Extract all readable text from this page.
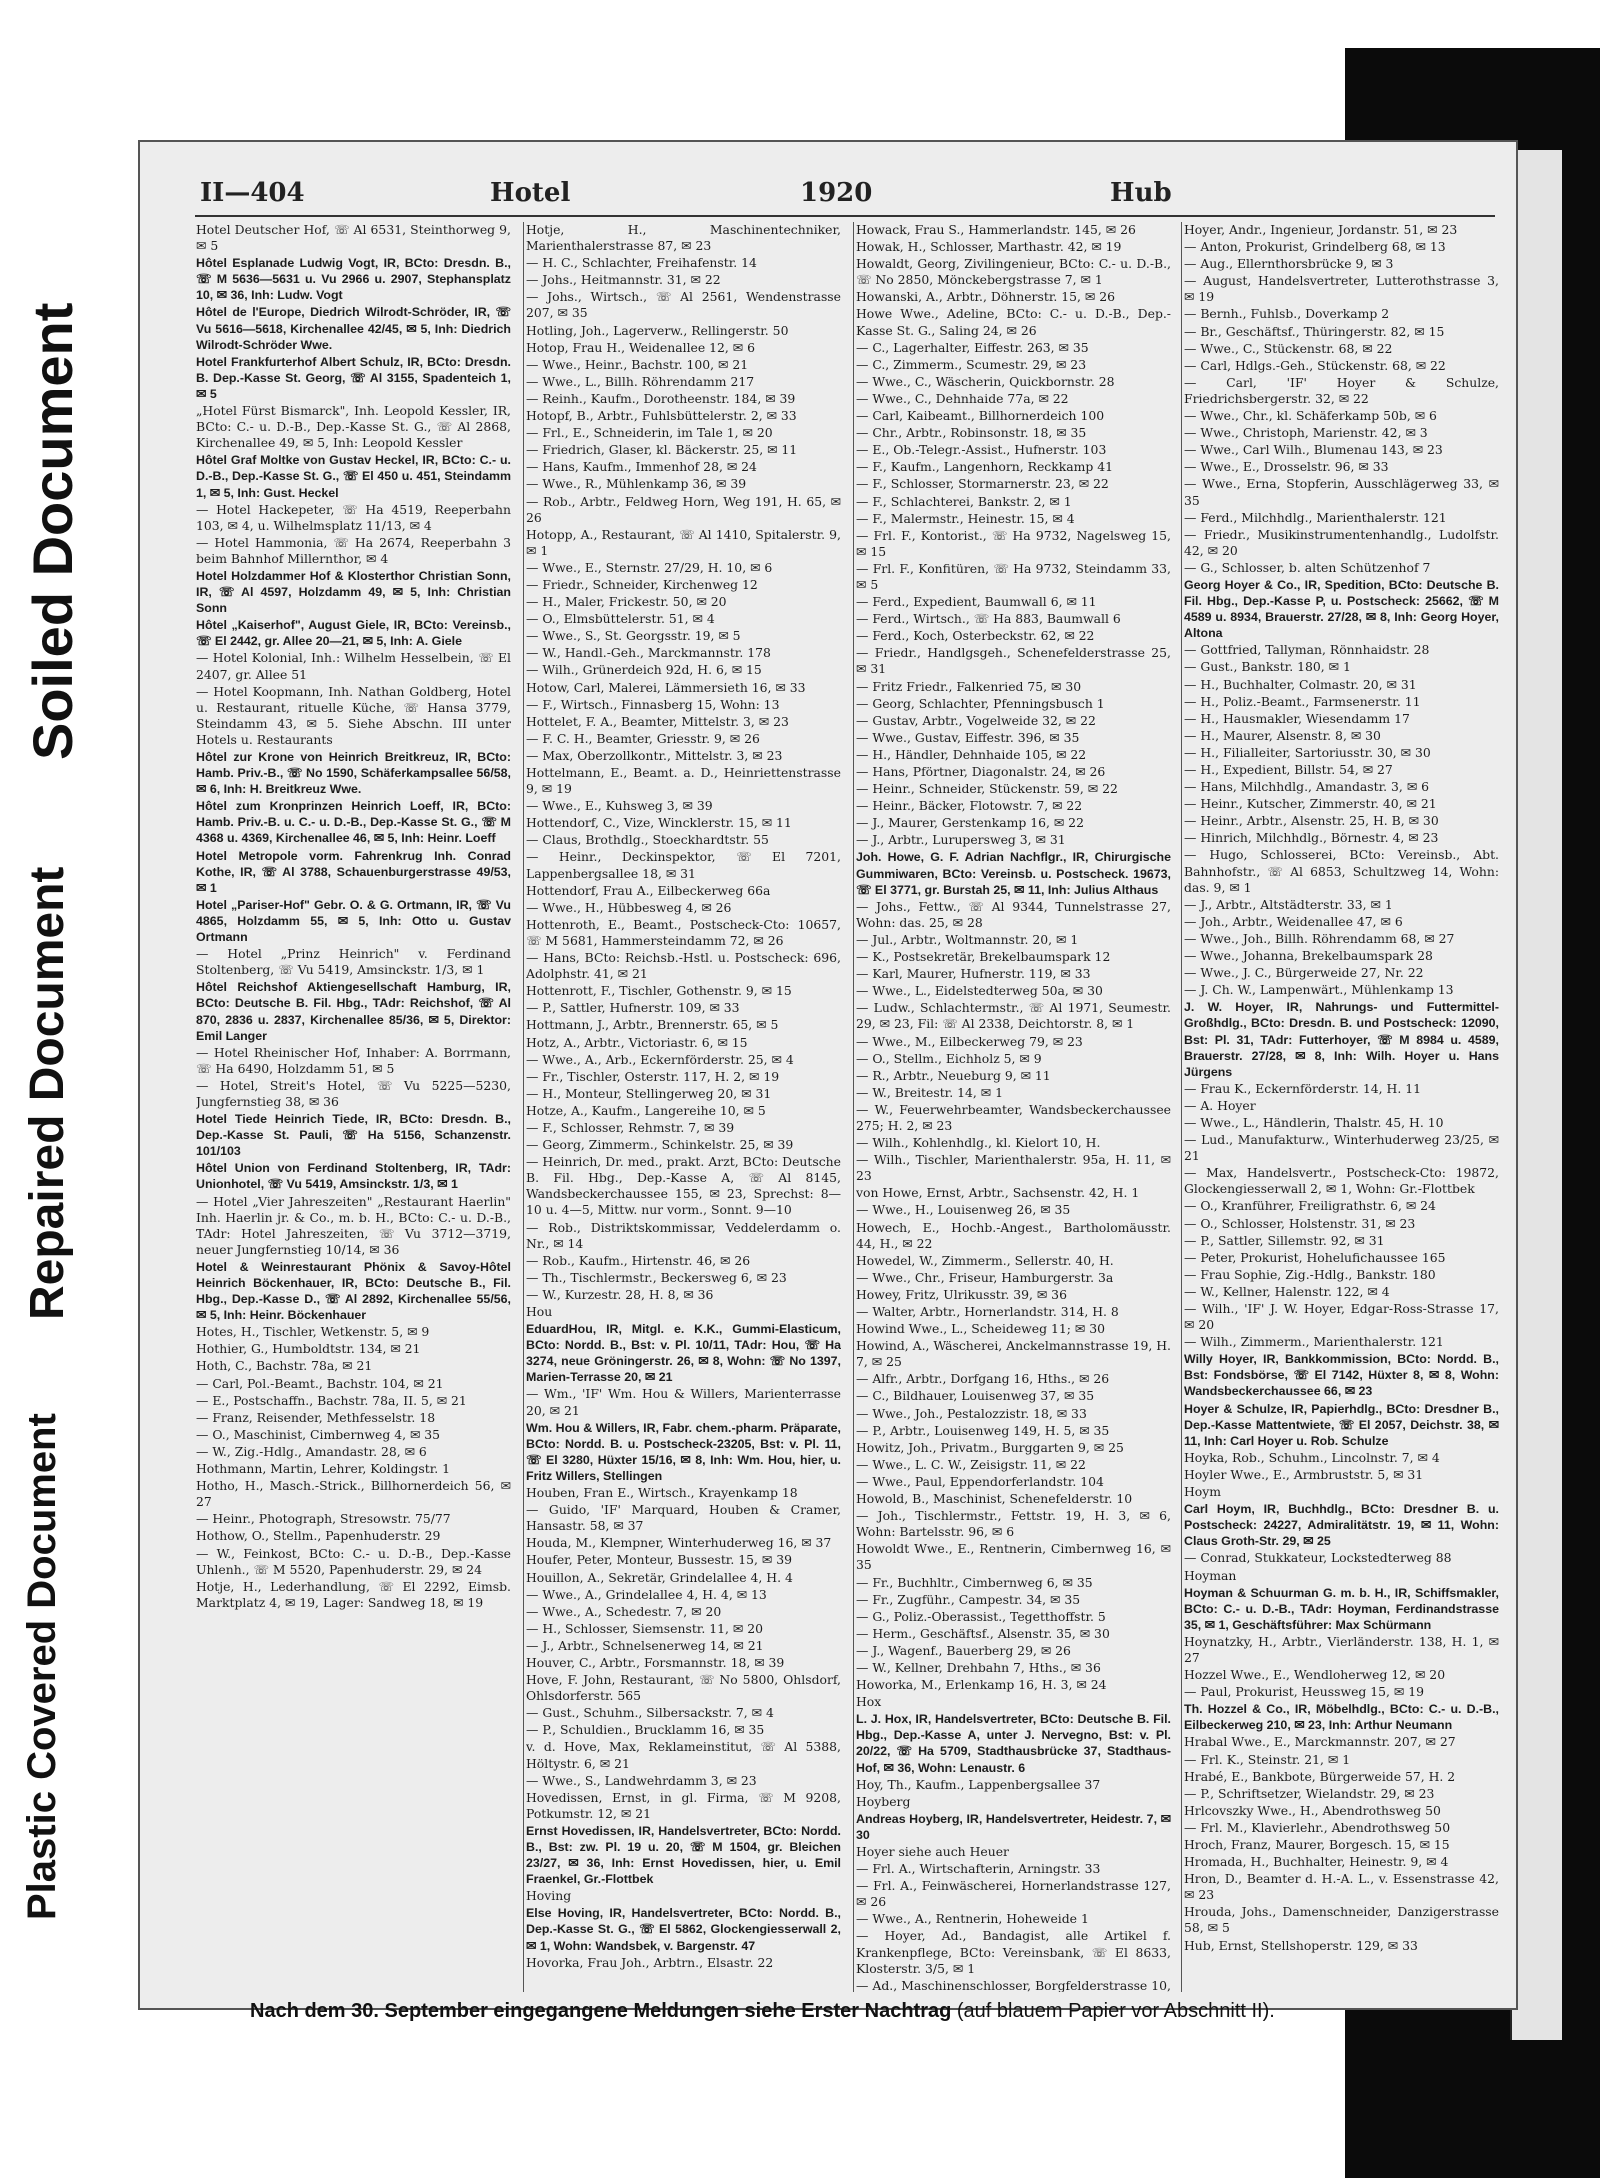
Soiled Document
Repaired Document
Plastic Covered Document
II—404	Hotel	1920	Hub
Hotel Deutscher Hof, ☏ Al 6531, Steinthorweg 9, ✉ 5
Hôtel Esplanade Ludwig Vogt, IR, BCto: Dresdn. B., ☏ M 5636—5631 u. Vu 2966 u. 2907, Stephansplatz 10, ✉ 36, Inh: Ludw. Vogt
Hôtel de l'Europe, Diedrich Wilrodt-Schröder, IR, ☏ Vu 5616—5618, Kirchenallee 42/45, ✉ 5, Inh: Diedrich Wilrodt-Schröder Wwe.
Hotel Frankfurterhof Albert Schulz, IR, BCto: Dresdn. B. Dep.-Kasse St. Georg, ☏ Al 3155, Spadenteich 1, ✉ 5
„Hotel Fürst Bismarck", Inh. Leopold Kessler, IR, BCto: C.- u. D.-B., Dep.-Kasse St. G., ☏ Al 2868, Kirchenallee 49, ✉ 5, Inh: Leopold Kessler
Hôtel Graf Moltke von Gustav Heckel, IR, BCto: C.- u. D.-B., Dep.-Kasse St. G., ☏ El 450 u. 451, Steindamm 1, ✉ 5, Inh: Gust. Heckel
— Hotel Hackepeter, ☏ Ha 4519, Reeperbahn 103, ✉ 4, u. Wilhelmsplatz 11/13, ✉ 4
— Hotel Hammonia, ☏ Ha 2674, Reeperbahn 3 beim Bahnhof Millernthor, ✉ 4
Hotel Holzdammer Hof & Klosterthor Christian Sonn, IR, ☏ Al 4597, Holzdamm 49, ✉ 5, Inh: Christian Sonn
Hôtel „Kaiserhof", August Giele, IR, BCto: Vereinsb., ☏ El 2442, gr. Allee 20—21, ✉ 5, Inh: A. Giele
— Hotel Kolonial, Inh.: Wilhelm Hesselbein, ☏ El 2407, gr. Allee 51
— Hotel Koopmann, Inh. Nathan Goldberg, Hotel u. Restaurant, rituelle Küche, ☏ Hansa 3779, Steindamm 43, ✉ 5. Siehe Abschn. III unter Hotels u. Restaurants
Hôtel zur Krone von Heinrich Breitkreuz, IR, BCto: Hamb. Priv.-B., ☏ No 1590, Schäferkampsallee 56/58, ✉ 6, Inh: H. Breitkreuz Wwe.
Hôtel zum Kronprinzen Heinrich Loeff, IR, BCto: Hamb. Priv.-B. u. C.- u. D.-B., Dep.-Kasse St. G., ☏ M 4368 u. 4369, Kirchenallee 46, ✉ 5, Inh: Heinr. Loeff
Hotel Metropole vorm. Fahrenkrug Inh. Conrad Kothe, IR, ☏ Al 3788, Schauenburgerstrasse 49/53, ✉ 1
Hotel „Pariser-Hof" Gebr. O. & G. Ortmann, IR, ☏ Vu 4865, Holzdamm 55, ✉ 5, Inh: Otto u. Gustav Ortmann
— Hotel „Prinz Heinrich" v. Ferdinand Stoltenberg, ☏ Vu 5419, Amsinckstr. 1/3, ✉ 1
Hôtel Reichshof Aktiengesellschaft Hamburg, IR, BCto: Deutsche B. Fil. Hbg., TAdr: Reichshof, ☏ Al 870, 2836 u. 2837, Kirchenallee 85/36, ✉ 5, Direktor: Emil Langer
— Hotel Rheinischer Hof, Inhaber: A. Borrmann, ☏ Ha 6490, Holzdamm 51, ✉ 5
— Hotel, Streit's Hotel, ☏ Vu 5225—5230, Jungfernstieg 38, ✉ 36
Hotel Tiede Heinrich Tiede, IR, BCto: Dresdn. B., Dep.-Kasse St. Pauli, ☏ Ha 5156, Schanzenstr. 101/103
Hôtel Union von Ferdinand Stoltenberg, IR, TAdr: Unionhotel, ☏ Vu 5419, Amsinckstr. 1/3, ✉ 1
— Hotel „Vier Jahreszeiten" „Restaurant Haerlin" Inh. Haerlin jr. & Co., m. b. H., BCto: C.- u. D.-B., TAdr: Hotel Jahreszeiten, ☏ Vu 3712—3719, neuer Jungfernstieg 10/14, ✉ 36
Hotel & Weinrestaurant Phönix & Savoy-Hôtel Heinrich Böckenhauer, IR, BCto: Deutsche B., Fil. Hbg., Dep.-Kasse D., ☏ Al 2892, Kirchenallee 55/56, ✉ 5, Inh: Heinr. Böckenhauer
Hotes, H., Tischler, Wetkenstr. 5, ✉ 9
Hothier, G., Humboldtstr. 134, ✉ 21
Hoth, C., Bachstr. 78a, ✉ 21
— Carl, Pol.-Beamt., Bachstr. 104, ✉ 21
— E., Postschaffn., Bachstr. 78a, II. 5, ✉ 21
— Franz, Reisender, Methfesselstr. 18
— O., Maschinist, Cimbernweg 4, ✉ 35
— W., Zig.-Hdlg., Amandastr. 28, ✉ 6
Hothmann, Martin, Lehrer, Koldingstr. 1
Hotho, H., Masch.-Strick., Billhornerdeich 56, ✉ 27
— Heinr., Photograph, Stresowstr. 75/77
Hothow, O., Stellm., Papenhuderstr. 29
— W., Feinkost, BCto: C.- u. D.-B., Dep.-Kasse Uhlenh., ☏ M 5520, Papenhuderstr. 29, ✉ 24
Hotje, H., Lederhandlung, ☏ El 2292, Eimsb. Marktplatz 4, ✉ 19, Lager: Sandweg 18, ✉ 19
Hotje, H., Maschinentechniker, Marienthalerstrasse 87, ✉ 23
— H. C., Schlachter, Freihafenstr. 14
— Johs., Heitmannstr. 31, ✉ 22
— Johs., Wirtsch., ☏ Al 2561, Wendenstrasse 207, ✉ 35
Hotling, Joh., Lagerverw., Rellingerstr. 50
Hotop, Frau H., Weidenallee 12, ✉ 6
— Wwe., Heinr., Bachstr. 100, ✉ 21
— Wwe., L., Billh. Röhrendamm 217
— Reinh., Kaufm., Dorotheenstr. 184, ✉ 39
Hotopf, B., Arbtr., Fuhlsbüttelerstr. 2, ✉ 33
— Frl., E., Schneiderin, im Tale 1, ✉ 20
— Friedrich, Glaser, kl. Bäckerstr. 25, ✉ 11
— Hans, Kaufm., Immenhof 28, ✉ 24
— Wwe., R., Mühlenkamp 36, ✉ 39
— Rob., Arbtr., Feldweg Horn, Weg 191, H. 65, ✉ 26
Hotopp, A., Restaurant, ☏ Al 1410, Spitalerstr. 9, ✉ 1
— Wwe., E., Sternstr. 27/29, H. 10, ✉ 6
— Friedr., Schneider, Kirchenweg 12
— H., Maler, Frickestr. 50, ✉ 20
— O., Elmsbüttelerstr. 51, ✉ 4
— Wwe., S., St. Georgsstr. 19, ✉ 5
— W., Handl.-Geh., Marckmannstr. 178
— Wilh., Grünerdeich 92d, H. 6, ✉ 15
Hotow, Carl, Malerei, Lämmersieth 16, ✉ 33
— F., Wirtsch., Finnasberg 15, Wohn: 13
Hottelet, F. A., Beamter, Mittelstr. 3, ✉ 23
— F. C. H., Beamter, Griesstr. 9, ✉ 26
— Max, Oberzollkontr., Mittelstr. 3, ✉ 23
Hottelmann, E., Beamt. a. D., Heinriettenstrasse 9, ✉ 19
— Wwe., E., Kuhsweg 3, ✉ 39
Hottendorf, C., Vize, Wincklerstr. 15, ✉ 11
— Claus, Brothdlg., Stoeckhardtstr. 55
— Heinr., Deckinspektor, ☏ El 7201, Lappenbergsallee 18, ✉ 31
Hottendorf, Frau A., Eilbeckerweg 66a
— Wwe., H., Hübbesweg 4, ✉ 26
Hottenroth, E., Beamt., Postscheck-Cto: 10657, ☏ M 5681, Hammersteindamm 72, ✉ 26
— Hans, BCto: Reichsb.-Hstl. u. Postscheck: 696, Adolphstr. 41, ✉ 21
Hottenrott, F., Tischler, Gothenstr. 9, ✉ 15
— P., Sattler, Hufnerstr. 109, ✉ 33
Hottmann, J., Arbtr., Brennerstr. 65, ✉ 5
Hotz, A., Arbtr., Victoriastr. 6, ✉ 15
— Wwe., A., Arb., Eckernförderstr. 25, ✉ 4
— Fr., Tischler, Osterstr. 117, H. 2, ✉ 19
— H., Monteur, Stellingerweg 20, ✉ 31
Hotze, A., Kaufm., Langereihe 10, ✉ 5
— F., Schlosser, Rehmstr. 7, ✉ 39
— Georg, Zimmerm., Schinkelstr. 25, ✉ 39
— Heinrich, Dr. med., prakt. Arzt, BCto: Deutsche B. Fil. Hbg., Dep.-Kasse A, ☏ Al 8145, Wandsbeckerchaussee 155, ✉ 23, Sprechst: 8—10 u. 4—5, Mittw. nur vorm., Sonnt. 9—10
— Rob., Distriktskommissar, Veddelerdamm o. Nr., ✉ 14
— Rob., Kaufm., Hirtenstr. 46, ✉ 26
— Th., Tischlermstr., Beckersweg 6, ✉ 23
— W., Kurzestr. 28, H. 8, ✉ 36
Hou
EduardHou, IR, Mitgl. e. K.K., Gummi-Elasticum, BCto: Nordd. B., Bst: v. Pl. 10/11, TAdr: Hou, ☏ Ha 3274, neue Gröningerstr. 26, ✉ 8, Wohn: ☏ No 1397, Marien-Terrasse 20, ✉ 21
— Wm., 'IF' Wm. Hou & Willers, Marienterrasse 20, ✉ 21
Wm. Hou & Willers, IR, Fabr. chem.-pharm. Präparate, BCto: Nordd. B. u. Postscheck-23205, Bst: v. Pl. 11, ☏ El 3280, Hüxter 15/16, ✉ 8, Inh: Wm. Hou, hier, u. Fritz Willers, Stellingen
Houben, Fran E., Wirtsch., Krayenkamp 18
— Guido, 'IF' Marquard, Houben & Cramer, Hansastr. 58, ✉ 37
Houda, M., Klempner, Winterhuderweg 16, ✉ 37
Houfer, Peter, Monteur, Bussestr. 15, ✉ 39
Houillon, A., Sekretär, Grindelallee 4, H. 4
— Wwe., A., Grindelallee 4, H. 4, ✉ 13
— Wwe., A., Schedestr. 7, ✉ 20
— H., Schlosser, Siemsenstr. 11, ✉ 20
— J., Arbtr., Schnelsenerweg 14, ✉ 21
Houver, C., Arbtr., Forsmannstr. 18, ✉ 39
Hove, F. John, Restaurant, ☏ No 5800, Ohlsdorf, Ohlsdorferstr. 565
— Gust., Schuhm., Silbersackstr. 7, ✉ 4
— P., Schuldien., Brucklamm 16, ✉ 35
v. d. Hove, Max, Reklameinstitut, ☏ Al 5388, Höltystr. 6, ✉ 21
— Wwe., S., Landwehrdamm 3, ✉ 23
Hovedissen, Ernst, in gl. Firma, ☏ M 9208, Potkumstr. 12, ✉ 21
Ernst Hovedissen, IR, Handelsvertreter, BCto: Nordd. B., Bst: zw. Pl. 19 u. 20, ☏ M 1504, gr. Bleichen 23/27, ✉ 36, Inh: Ernst Hovedissen, hier, u. Emil Fraenkel, Gr.-Flottbek
Hoving
Else Hoving, IR, Handelsvertreter, BCto: Nordd. B., Dep.-Kasse St. G., ☏ El 5862, Glockengiesserwall 2, ✉ 1, Wohn: Wandsbek, v. Bargenstr. 47
Hovorka, Frau Joh., Arbtrn., Elsastr. 22
Howack, Frau S., Hammerlandstr. 145, ✉ 26
Howak, H., Schlosser, Marthastr. 42, ✉ 19
Howaldt, Georg, Zivilingenieur, BCto: C.- u. D.-B., ☏ No 2850, Mönckebergstrasse 7, ✉ 1
Howanski, A., Arbtr., Döhnerstr. 15, ✉ 26
Howe Wwe., Adeline, BCto: C.- u. D.-B., Dep.-Kasse St. G., Saling 24, ✉ 26
— C., Lagerhalter, Eiffestr. 263, ✉ 35
— C., Zimmerm., Scumestr. 29, ✉ 23
— Wwe., C., Wäscherin, Quickbornstr. 28
— Wwe., C., Dehnhaide 77a, ✉ 22
— Carl, Kaibeamt., Billhornerdeich 100
— Chr., Arbtr., Robinsonstr. 18, ✉ 35
— E., Ob.-Telegr.-Assist., Hufnerstr. 103
— F., Kaufm., Langenhorn, Reckkamp 41
— F., Schlosser, Stormarnerstr. 23, ✉ 22
— F., Schlachterei, Bankstr. 2, ✉ 1
— F., Malermstr., Heinestr. 15, ✉ 4
— Frl. F., Kontorist., ☏ Ha 9732, Nagelsweg 15, ✉ 15
— Frl. F., Konfitüren, ☏ Ha 9732, Steindamm 33, ✉ 5
— Ferd., Expedient, Baumwall 6, ✉ 11
— Ferd., Wirtsch., ☏ Ha 883, Baumwall 6
— Ferd., Koch, Osterbeckstr. 62, ✉ 22
— Friedr., Handlgsgeh., Schenefelderstrasse 25, ✉ 31
— Fritz Friedr., Falkenried 75, ✉ 30
— Georg, Schlachter, Pfenningsbusch 1
— Gustav, Arbtr., Vogelweide 32, ✉ 22
— Wwe., Gustav, Eiffestr. 396, ✉ 35
— H., Händler, Dehnhaide 105, ✉ 22
— Hans, Pförtner, Diagonalstr. 24, ✉ 26
— Heinr., Schneider, Stückenstr. 59, ✉ 22
— Heinr., Bäcker, Flotowstr. 7, ✉ 22
— J., Maurer, Gerstenkamp 16, ✉ 22
— J., Arbtr., Lurupersweg 3, ✉ 31
Joh. Howe, G. F. Adrian Nachflgr., IR, Chirurgische Gummiwaren, BCto: Vereinsb. u. Postscheck. 19673, ☏ El 3771, gr. Burstah 25, ✉ 11, Inh: Julius Althaus
— Johs., Fettw., ☏ Al 9344, Tunnelstrasse 27, Wohn: das. 25, ✉ 28
— Jul., Arbtr., Woltmannstr. 20, ✉ 1
— K., Postsekretär, Brekelbaumspark 12
— Karl, Maurer, Hufnerstr. 119, ✉ 33
— Wwe., L., Eidelstedterweg 50a, ✉ 30
— Ludw., Schlachtermstr., ☏ Al 1971, Seumestr. 29, ✉ 23, Fil: ☏ Al 2338, Deichtorstr. 8, ✉ 1
— Wwe., M., Eilbeckerweg 79, ✉ 23
— O., Stellm., Eichholz 5, ✉ 9
— R., Arbtr., Neueburg 9, ✉ 11
— W., Breitestr. 14, ✉ 1
— W., Feuerwehrbeamter, Wandsbeckerchaussee 275; H. 2, ✉ 23
— Wilh., Kohlenhdlg., kl. Kielort 10, H.
— Wilh., Tischler, Marienthalerstr. 95a, H. 11, ✉ 23
von Howe, Ernst, Arbtr., Sachsenstr. 42, H. 1
— Wwe., H., Louisenweg 26, ✉ 35
Howech, E., Hochb.-Angest., Bartholomäusstr. 44, H., ✉ 22
Howedel, W., Zimmerm., Sellerstr. 40, H.
— Wwe., Chr., Friseur, Hamburgerstr. 3a
Howey, Fritz, Ulrikusstr. 39, ✉ 36
— Walter, Arbtr., Hornerlandstr. 314, H. 8
Howind Wwe., L., Scheideweg 11; ✉ 30
Howind, A., Wäscherei, Anckelmannstrasse 19, H. 7, ✉ 25
— Alfr., Arbtr., Dorfgang 16, Hths., ✉ 26
— C., Bildhauer, Louisenweg 37, ✉ 35
— Wwe., Joh., Pestalozzistr. 18, ✉ 33
— P., Arbtr., Louisenweg 149, H. 5, ✉ 35
Howitz, Joh., Privatm., Burggarten 9, ✉ 25
— Wwe., L. C. W., Zeisigstr. 11, ✉ 22
— Wwe., Paul, Eppendorferlandstr. 104
Howold, B., Maschinist, Schenefelderstr. 10
— Joh., Tischlermstr., Fettstr. 19, H. 3, ✉ 6, Wohn: Bartelsstr. 96, ✉ 6
Howoldt Wwe., E., Rentnerin, Cimbernweg 16, ✉ 35
— Fr., Buchhltr., Cimbernweg 6, ✉ 35
— Fr., Zugführ., Campestr. 34, ✉ 35
— G., Poliz.-Oberassist., Tegetthoffstr. 5
— Herm., Geschäftsf., Alsenstr. 35, ✉ 30
— J., Wagenf., Bauerberg 29, ✉ 26
— W., Kellner, Drehbahn 7, Hths., ✉ 36
Howorka, M., Erlenkamp 16, H. 3, ✉ 24
Hox
L. J. Hox, IR, Handelsvertreter, BCto: Deutsche B. Fil. Hbg., Dep.-Kasse A, unter J. Nervegno, Bst: v. Pl. 20/22, ☏ Ha 5709, Stadthausbrücke 37, Stadthaus-Hof, ✉ 36, Wohn: Lenaustr. 6
Hoy, Th., Kaufm., Lappenbergsallee 37
Hoyberg
Andreas Hoyberg, IR, Handelsvertreter, Heidestr. 7, ✉ 30
Hoyer siehe auch Heuer
— Frl. A., Wirtschafterin, Arningstr. 33
— Frl. A., Feinwäscherei, Hornerlandstrasse 127, ✉ 26
— Wwe., A., Rentnerin, Hoheweide 1
— Hoyer, Ad., Bandagist, alle Artikel f. Krankenpflege, BCto: Vereinsbank, ☏ El 8633, Klosterstr. 3/5, ✉ 1
— Ad., Maschinenschlosser, Borgfelderstrasse 10,
Hoyer, Andr., Ingenieur, Jordanstr. 51, ✉ 23
— Anton, Prokurist, Grindelberg 68, ✉ 13
— Aug., Ellernthorsbrücke 9, ✉ 3
— August, Handelsvertreter, Lutterothstrasse 3, ✉ 19
— Bernh., Fuhlsb., Doverkamp 2
— Br., Geschäftsf., Thüringerstr. 82, ✉ 15
— Wwe., C., Stückenstr. 68, ✉ 22
— Carl, Hdlgs.-Geh., Stückenstr. 68, ✉ 22
— Carl, 'IF' Hoyer & Schulze, Friedrichsbergerstr. 32, ✉ 22
— Wwe., Chr., kl. Schäferkamp 50b, ✉ 6
— Wwe., Christoph, Marienstr. 42, ✉ 3
— Wwe., Carl Wilh., Blumenau 143, ✉ 23
— Wwe., E., Drosselstr. 96, ✉ 33
— Wwe., Erna, Stopferin, Ausschlägerweg 33, ✉ 35
— Ferd., Milchhdlg., Marienthalerstr. 121
— Friedr., Musikinstrumentenhandlg., Ludolfstr. 42, ✉ 20
— G., Schlosser, b. alten Schützenhof 7
Georg Hoyer & Co., IR, Spedition, BCto: Deutsche B. Fil. Hbg., Dep.-Kasse P, u. Postscheck: 25662, ☏ M 4589 u. 8934, Brauerstr. 27/28, ✉ 8, Inh: Georg Hoyer, Altona
— Gottfried, Tallyman, Rönnhaidstr. 28
— Gust., Bankstr. 180, ✉ 1
— H., Buchhalter, Colmastr. 20, ✉ 31
— H., Poliz.-Beamt., Farmsenerstr. 11
— H., Hausmakler, Wiesendamm 17
— H., Maurer, Alsenstr. 8, ✉ 30
— H., Filialleiter, Sartoriusstr. 30, ✉ 30
— H., Expedient, Billstr. 54, ✉ 27
— Hans, Milchhdlg., Amandastr. 3, ✉ 6
— Heinr., Kutscher, Zimmerstr. 40, ✉ 21
— Heinr., Arbtr., Alsenstr. 25, H. B, ✉ 30
— Hinrich, Milchhdlg., Börnestr. 4, ✉ 23
— Hugo, Schlosserei, BCto: Vereinsb., Abt. Bahnhofstr., ☏ Al 6853, Schultzweg 14, Wohn: das. 9, ✉ 1
— J., Arbtr., Altstädterstr. 33, ✉ 1
— Joh., Arbtr., Weidenallee 47, ✉ 6
— Wwe., Joh., Billh. Röhrendamm 68, ✉ 27
— Wwe., Johanna, Brekelbaumspark 28
— Wwe., J. C., Bürgerweide 27, Nr. 22
— J. Ch. W., Lampenwärt., Mühlenkamp 13
J. W. Hoyer, IR, Nahrungs- und Futtermittel-Großhdlg., BCto: Dresdn. B. und Postscheck: 12090, Bst: Pl. 31, TAdr: Futterhoyer, ☏ M 8984 u. 4589, Brauerstr. 27/28, ✉ 8, Inh: Wilh. Hoyer u. Hans Jürgens
— Frau K., Eckernförderstr. 14, H. 11
— A. Hoyer
— Wwe., L., Händlerin, Thalstr. 45, H. 10
— Lud., Manufakturw., Winterhuderweg 23/25, ✉ 21
— Max, Handelsvertr., Postscheck-Cto: 19872, Glockengiesserwall 2, ✉ 1, Wohn: Gr.-Flottbek
— O., Kranführer, Freiligrathstr. 6, ✉ 24
— O., Schlosser, Holstenstr. 31, ✉ 23
— P., Sattler, Sillemstr. 92, ✉ 31
— Peter, Prokurist, Hohelufichaussee 165
— Frau Sophie, Zig.-Hdlg., Bankstr. 180
— W., Kellner, Halenstr. 122, ✉ 4
— Wilh., 'IF' J. W. Hoyer, Edgar-Ross-Strasse 17, ✉ 20
— Wilh., Zimmerm., Marienthalerstr. 121
Willy Hoyer, IR, Bankkommission, BCto: Nordd. B., Bst: Fondsbörse, ☏ El 7142, Hüxter 8, ✉ 8, Wohn: Wandsbeckerchaussee 66, ✉ 23
Hoyer & Schulze, IR, Papierhdlg., BCto: Dresdner B., Dep.-Kasse Mattentwiete, ☏ El 2057, Deichstr. 38, ✉ 11, Inh: Carl Hoyer u. Rob. Schulze
Hoyka, Rob., Schuhm., Lincolnstr. 7, ✉ 4
Hoyler Wwe., E., Armbruststr. 5, ✉ 31
Hoym
Carl Hoym, IR, Buchhdlg., BCto: Dresdner B. u. Postscheck: 24227, Admiralitätstr. 19, ✉ 11, Wohn: Claus Groth-Str. 29, ✉ 25
— Conrad, Stukkateur, Lockstedterweg 88
Hoyman
Hoyman & Schuurman G. m. b. H., IR, Schiffsmakler, BCto: C.- u. D.-B., TAdr: Hoyman, Ferdinandstrasse 35, ✉ 1, Geschäftsführer: Max Schürmann
Hoynatzky, H., Arbtr., Vierländerstr. 138, H. 1, ✉ 27
Hozzel Wwe., E., Wendloherweg 12, ✉ 20
— Paul, Prokurist, Heussweg 15, ✉ 19
Th. Hozzel & Co., IR, Möbelhdlg., BCto: C.- u. D.-B., Eilbeckerweg 210, ✉ 23, Inh: Arthur Neumann
Hrabal Wwe., E., Marckmannstr. 207, ✉ 27
— Frl. K., Steinstr. 21, ✉ 1
Hrabé, E., Bankbote, Bürgerweide 57, H. 2
— P., Schriftsetzer, Wielandstr. 29, ✉ 23
Hrlcovszky Wwe., H., Abendrothsweg 50
— Frl. M., Klavierlehr., Abendrothsweg 50
Hroch, Franz, Maurer, Borgesch. 15, ✉ 15
Hromada, H., Buchhalter, Heinestr. 9, ✉ 4
Hron, D., Beamter d. H.-A. L., v. Essenstrasse 42, ✉ 23
Hrouda, Johs., Damenschneider, Danzigerstrasse 58, ✉ 5
Hub, Ernst, Stellshoperstr. 129, ✉ 33
Nach dem 30. September eingegangene Meldungen siehe Erster Nachtrag (auf blauem Papier vor Abschnitt II).
